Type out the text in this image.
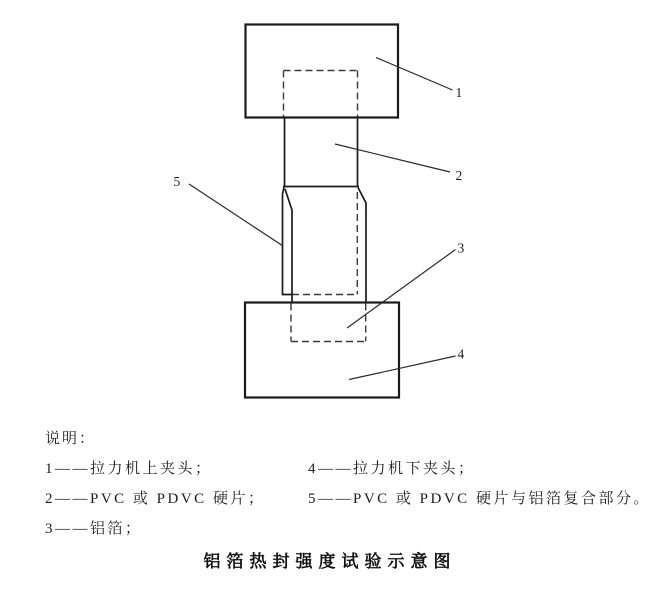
1
2
3
4
5
说明：
1——拉力机上夹头；	4——拉力机下夹头；
2——PVC 或 PDVC 硬片；	5——PVC 或 PDVC 硬片与铝箔复合部分。
3——铝箔；
铝箔热封强度试验示意图
